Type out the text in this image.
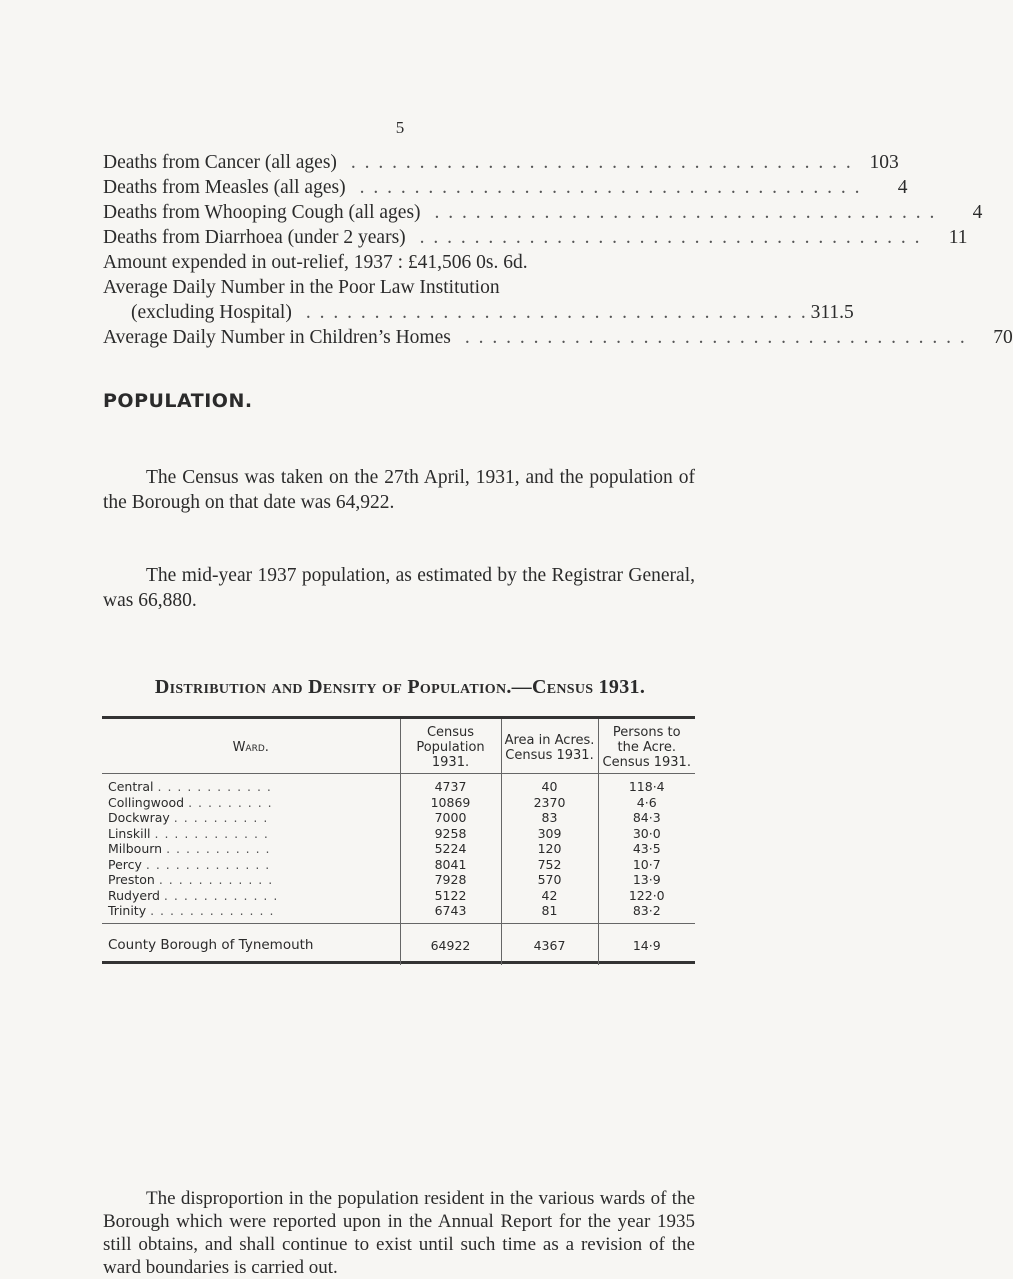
5
Deaths from Cancer (all ages) . . . . . . . . . . . . . . . . . . . . . . . . . . . . . . . . . . . . . 103
Deaths from Measles (all ages) . . . . . . . . . . . . . . . . . . . . . . . . . . . . . . . . . . . . .	4
Deaths from Whooping Cough (all ages) . . . . . . . . . . . . . . . . . . . . . . . . . . . . . . . . . . . . .	4
Deaths from Diarrhoea (under 2 years) . . . . . . . . . . . . . . . . . . . . . . . . . . . . . . . . . . . . .	11
Amount expended in out-relief, 1937 : £41,506 0s. 6d.
Average Daily Number in the Poor Law Institution
(excluding Hospital) . . . . . . . . . . . . . . . . . . . . . . . . . . . . . . . . . . . . . 311.5
Average Daily Number in Children’s Homes . . . . . . . . . . . . . . . . . . . . . . . . . . . . . . . . . . . . .	70
POPULATION.

The Census was taken on the 27th April, 1931, and the population of the Borough on that date was 64,922.

The mid-year 1937 population, as estimated by the Registrar General, was 66,880.

Distribution and Density of Population.—Census 1931.
Ward.	Census Population 1931.	Area in Acres. Census 1931.	Persons to the Acre. Census 1931.
Central . . . . . . . . . . . .	4737	40	118·4
Collingwood . . . . . . . . .	10869	2370	4·6
Dockwray . . . . . . . . . .	7000	83	84·3
Linskill . . . . . . . . . . . .	9258	309	30·0
Milbourn . . . . . . . . . . .	5224	120	43·5
Percy . . . . . . . . . . . . .	8041	752	10·7
Preston . . . . . . . . . . . .	7928	570	13·9
Rudyerd . . . . . . . . . . . .	5122	42	122·0
Trinity . . . . . . . . . . . . .	6743	81	83·2
County Borough of Tynemouth	64922	4367	14·9

The disproportion in the population resident in the various wards of the Borough which were reported upon in the Annual Report for the year 1935 still obtains, and shall continue to exist until such time as a revision of the ward boundaries is carried out.
